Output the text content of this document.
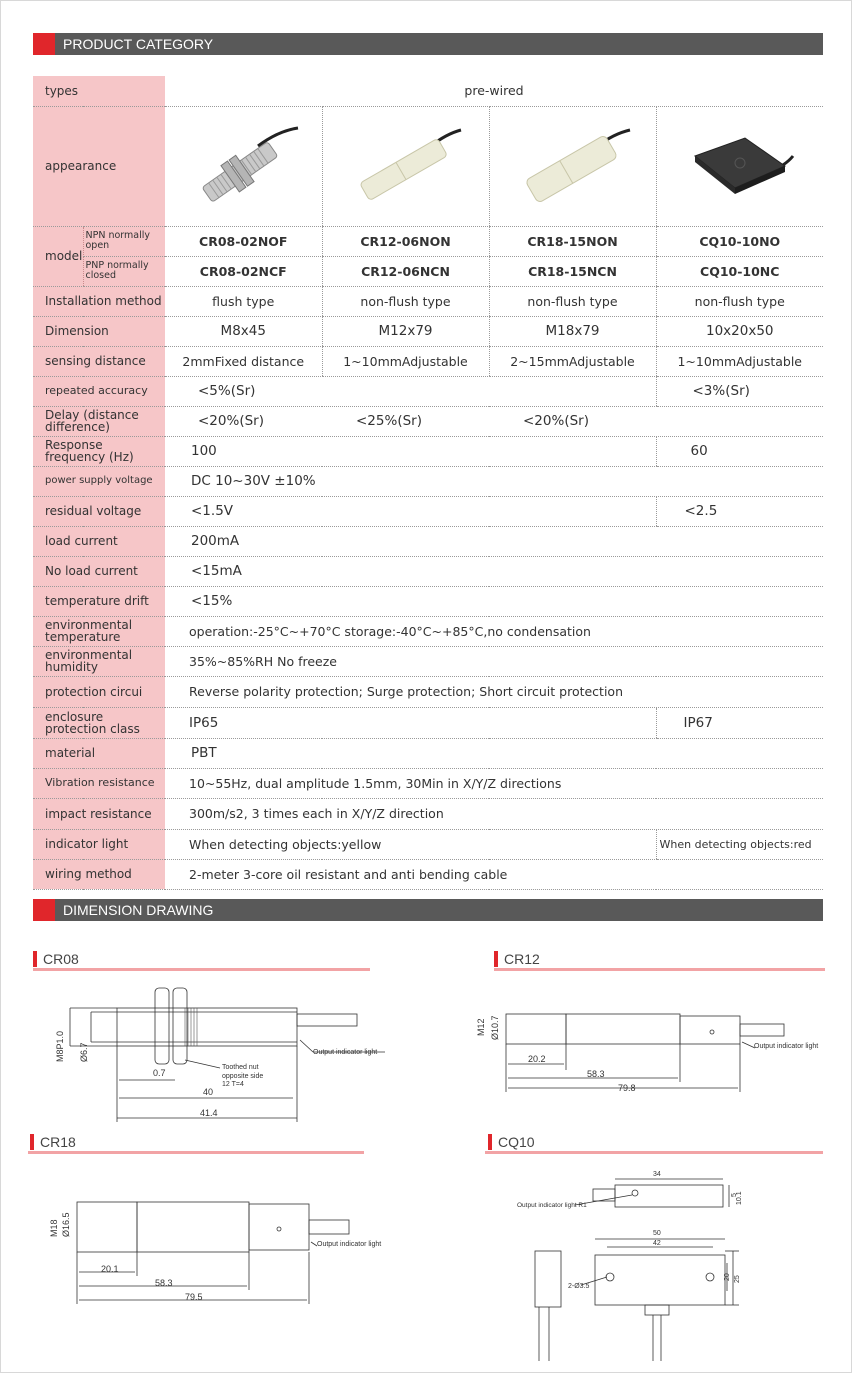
PRODUCT CATEGORY
types		pre-wired			
appearance	

model	NPN normally open	CR08-02NOF	CR12-06NON	CR18-15NON	CQ10-10NO
	PNP normally closed	CR08-02NCF	CR12-06NCN	CR18-15NCN	CQ10-10NC
Installation method		flush type	non-flush type	non-flush type	non-flush type
Dimension		M8x45	M12x79	M18x79	10x20x50
sensing distance		2mmFixed distance	1~10mmAdjustable	2~15mmAdjustable	1~10mmAdjustable
repeated accuracy		<5%(Sr)			<3%(Sr)
Delay (distance difference)		<20%(Sr)	<25%(Sr)	<20%(Sr)	
Response frequency (Hz)		100			60
power supply voltage		DC 10~30V ±10%			
residual voltage		<1.5V			<2.5
load current		200mA			
No load current		<15mA			
temperature drift		<15%			
environmental temperature		operation:-25°C~+70°C storage:-40°C~+85°C,no condensation			
environmental humidity		35%~85%RH No freeze			
protection circui		Reverse polarity protection; Surge protection; Short circuit protection			
enclosure protection class		IP65			IP67
material		PBT			
Vibration resistance		10~55Hz, dual amplitude 1.5mm, 30Min in X/Y/Z directions			
impact resistance		300m/s2, 3 times each in X/Y/Z direction			
indicator light		When detecting objects:yellow			When detecting objects:red
wiring method		2-meter 3-core oil resistant and anti bending cable			
DIMENSION DRAWING
CR08
M8P1.0 Ø6.7
0.7
40
41.4
Toothed nut
opposite side
12 T=4
Output indicator light
CR12
M12 Ø10.7
20.2
58.3
79.8
Output indicator light
CR18
M18 Ø16.5
20.1
58.3
79.5
Output indicator light
CQ10
34
5
10.1
50
42
2-Ø3.5
20 25
Output indicator light R1
